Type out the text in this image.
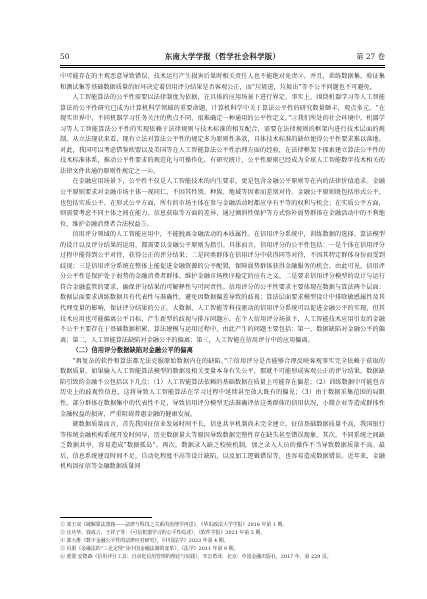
50	东南大学学报（哲学社会科学版）	第 27 卷

中可能存在的主观恶意导致错误，技术运行产生损害后果时相关责任人也不能绝对免责②。并且，训练数据集、验证集和测试集等基础数据质量的好坏决定着信用评分结果是否客观公正，而“垃圾进，垃圾出”等不公平问题也不可避免。

人工智能算法的公平性需要以法律制度为依据，在具体的应用场景下进行界定。事实上，围绕机器学习等人工智能算法的公平性研究已成为计算机科学领域的重要命题，计算机科学中关于算法公平性的研究数量颇丰，观点多元。“在现实世界中，不同机器学习任务关注的焦点不同，很难确定一种通用的公平性定义。”③我们所处的社会环境中，机器学习等人工智能算法公平性的实现依赖于法律规则与技术标准的相互配合，需要在法律规则的框架内进行技术层面的规制。从立法现状来看，现有立法对算法公平性的规定多为原则性条款，具体技术标准的缺位使得公平性要求难以落地。对此，我国可以考虑借鉴欧盟以及美国等在人工智能算法公平性治理方面的经验，在法律框架下探索建立算法公平性的技术标准体系，推动公平性要求的规范化与可操作化。有研究统计，公平性原则已经成为全球人工智能数字技术相关的法律文件共通的原则性规定之一④。

在金融应用场景下，公平性不仅是人工智能技术的内生要求，更是包含金融公平原则等在内的法律价值追求。金融公平原则要求对金融市场主体一视同仁，不因其性别、种族、地域等因素而差别对待。金融公平原则既包括形式公平，也包括实质公平。在形式公平方面，所有的市场主体在参与金融活动时都应享有平等的权利与机会；在实质公平方面，则需要考虑不同主体之间在能力、信息获取等方面的差异，通过倾斜性保护等方式弥补弱势群体在金融活动中的不利地位，维护金融消费者合法权益⑤。

信用评分领域的人工智能应用中，不能脱离金融活动的本质属性。在信用评分系统中，训练数据的选择、算法模型的设计以及评分结果的运用，都需要以金融公平原则为指引。具体而言，信用评分的公平性包括：一是个体在信用评分过程中能得到公平对待，获得公正的评分结果；二是同类群体在信用评分中获得同等对待，不因其特定群体身份而受到歧视；三是信用评分系统在整体上能促进金融资源的公平配置，保障弱势群体获得金融服务的机会。由此可见，信用评分公平性是保护处于弱势的金融消费者群体、维护金融市场秩序稳定的应有之义。二是要求信用评分模型的设计与运行符合金融监管的要求，确保评分结果的可解释性与可问责性。信用评分的公平性要求主要体现在数据与算法两个层面：数据层面要求训练数据具有代表性与准确性，避免因数据偏差导致的歧视；算法层面要求模型设计中排除敏感属性及其代理变量的影响，保证评分结果的公正。大数据、人工智能等科技驱动的信用评分系统可以促进金融公平的实现，但其技术应用也可能偏离公平目标，产生新型的歧视与排斥问题⑥。在个人信用评分场景下，人工智能技术应用引发的金融不公平主要存在于基础数据积累、算法建模与运用过程中，由此产生的问题主要包括：第一，数据缺陷对金融公平的偏离；第二，人工智能算法缺陷对金融公平的偏离；第三，人工智能在信用评分中的应用偏离。

（二）信用评分数据缺陷对金融公平的偏离

“再复杂的软件和算法都无法克服原始数据内在的缺陷。”⑦信用评分是否能够合理反映客观事实完全依赖于获取的数据质量。如果输入人工智能算法模型的数据及相关变量本身有失公平，那就不可能形成客观公正的评分结果。数据缺陷引致的金融不公包括以下几点：（1）人工智能算法依赖的基础数据在质量上可能存在偏差；（2）训练数据中可能包含历史上的歧视性信息，这将导致人工智能算法在学习过程中延续甚至放大既有的偏见；（3）由于数据采集范围的局限性，部分群体在数据集中的代表性不足，导致信用评分模型无法准确评估这类群体的信用状况，小微企业等造成群体性金融权益的损害，严重阻碍普惠金融的健康发展。

就数据质量而言，首先我国征信业发展时间不长，信息共享机制尚未完全建立，征信基础数据质量不高，我国银行等传统金融机构系统开发时间早，历史数据量大等原因导致数据完整性存在缺失甚至错误现象。其次，不同系统之间缺乏数据共享，容易造成“数据孤岛”。再次，数据录入缺乏校验机制，加之录入人员的操作不当导致数据质量不高。最后，信息系统建设时间不足，自动化程度不高等设计缺陷，以及加工逻辑错误等，也容易造成数据错误。近年来，金融机构因征信等金融数据质量问

② 邓玉双《破解算法黑箱——法律与科技之关系的治理学再思》，《华东政法大学学报》2018 年第 1 期。

③ 汪庆华、钱成言、王祥子等：《可信机器学习的公平性综述》，《软件学报》2021 年第 5 期。

④ 郭大维《数字金融公平性的法律应对研究》，《中国法学》2023 年第 4 期。

⑤ 冯果《金融法的“三足定理”及中国金融法制的变革》，《法学》2011 年第 9 期。

⑥ 蕾蒙·安德森《信用评分工具：自动化信用管理的理论与实践》，李志勇译，北京：中国金融出版社，2017 年，第 229 页。
